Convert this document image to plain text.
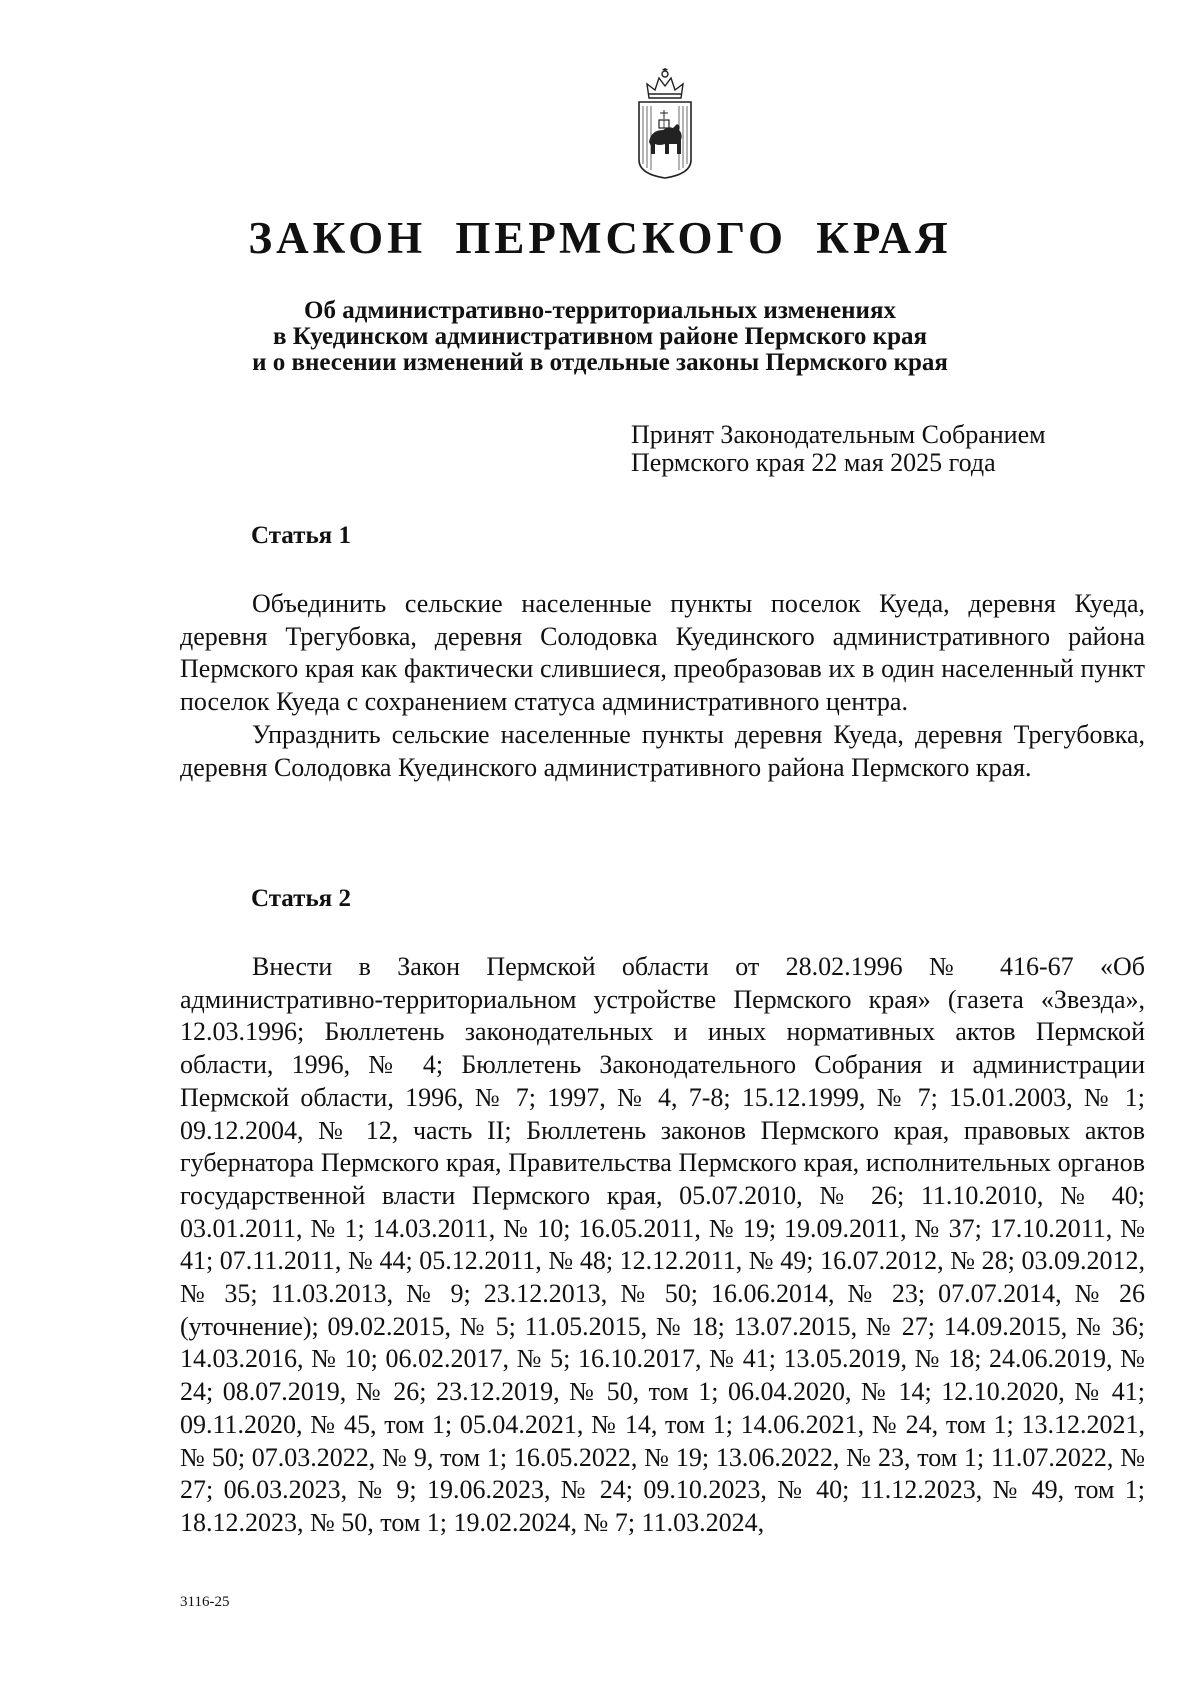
ЗАКОН ПЕРМСКОГО КРАЯ
Об административно-территориальных изменениях
в Куединском административном районе Пермского края
и о внесении изменений в отдельные законы Пермского края
Принят Законодательным Собранием
Пермского края 22 мая 2025 года
Статья 1

Объединить сельские населенные пункты поселок Куеда, деревня Куеда, деревня Трегубовка, деревня Солодовка Куединского административного района Пермского края как фактически слившиеся, преобразовав их в один населенный пункт поселок Куеда с сохранением статуса административного центра.

Упразднить сельские населенные пункты деревня Куеда, деревня Трегубовка, деревня Солодовка Куединского административного района Пермского края.

Статья 2

Внести в Закон Пермской области от 28.02.1996 № 416-67 «Об административно-территориальном устройстве Пермского края» (газета «Звезда», 12.03.1996; Бюллетень законодательных и иных нормативных актов Пермской области, 1996, № 4; Бюллетень Законодательного Собрания и администрации Пермской области, 1996, № 7; 1997, № 4, 7-8; 15.12.1999, № 7; 15.01.2003, № 1; 09.12.2004, № 12, часть II; Бюллетень законов Пермского края, правовых актов губернатора Пермского края, Правительства Пермского края, исполнительных органов государственной власти Пермского края, 05.07.2010, № 26; 11.10.2010, № 40; 03.01.2011, № 1; 14.03.2011, № 10; 16.05.2011, № 19; 19.09.2011, № 37; 17.10.2011, № 41; 07.11.2011, № 44; 05.12.2011, № 48; 12.12.2011, № 49; 16.07.2012, № 28; 03.09.2012, № 35; 11.03.2013, № 9; 23.12.2013, № 50; 16.06.2014, № 23; 07.07.2014, № 26 (уточнение); 09.02.2015, № 5; 11.05.2015, № 18; 13.07.2015, № 27; 14.09.2015, № 36; 14.03.2016, № 10; 06.02.2017, № 5; 16.10.2017, № 41; 13.05.2019, № 18; 24.06.2019, № 24; 08.07.2019, № 26; 23.12.2019, № 50, том 1; 06.04.2020, № 14; 12.10.2020, № 41; 09.11.2020, № 45, том 1; 05.04.2021, № 14, том 1; 14.06.2021, № 24, том 1; 13.12.2021, № 50; 07.03.2022, № 9, том 1; 16.05.2022, № 19; 13.06.2022, № 23, том 1; 11.07.2022, № 27; 06.03.2023, № 9; 19.06.2023, № 24; 09.10.2023, № 40; 11.12.2023, № 49, том 1; 18.12.2023, № 50, том 1; 19.02.2024, № 7; 11.03.2024,

3116-25
